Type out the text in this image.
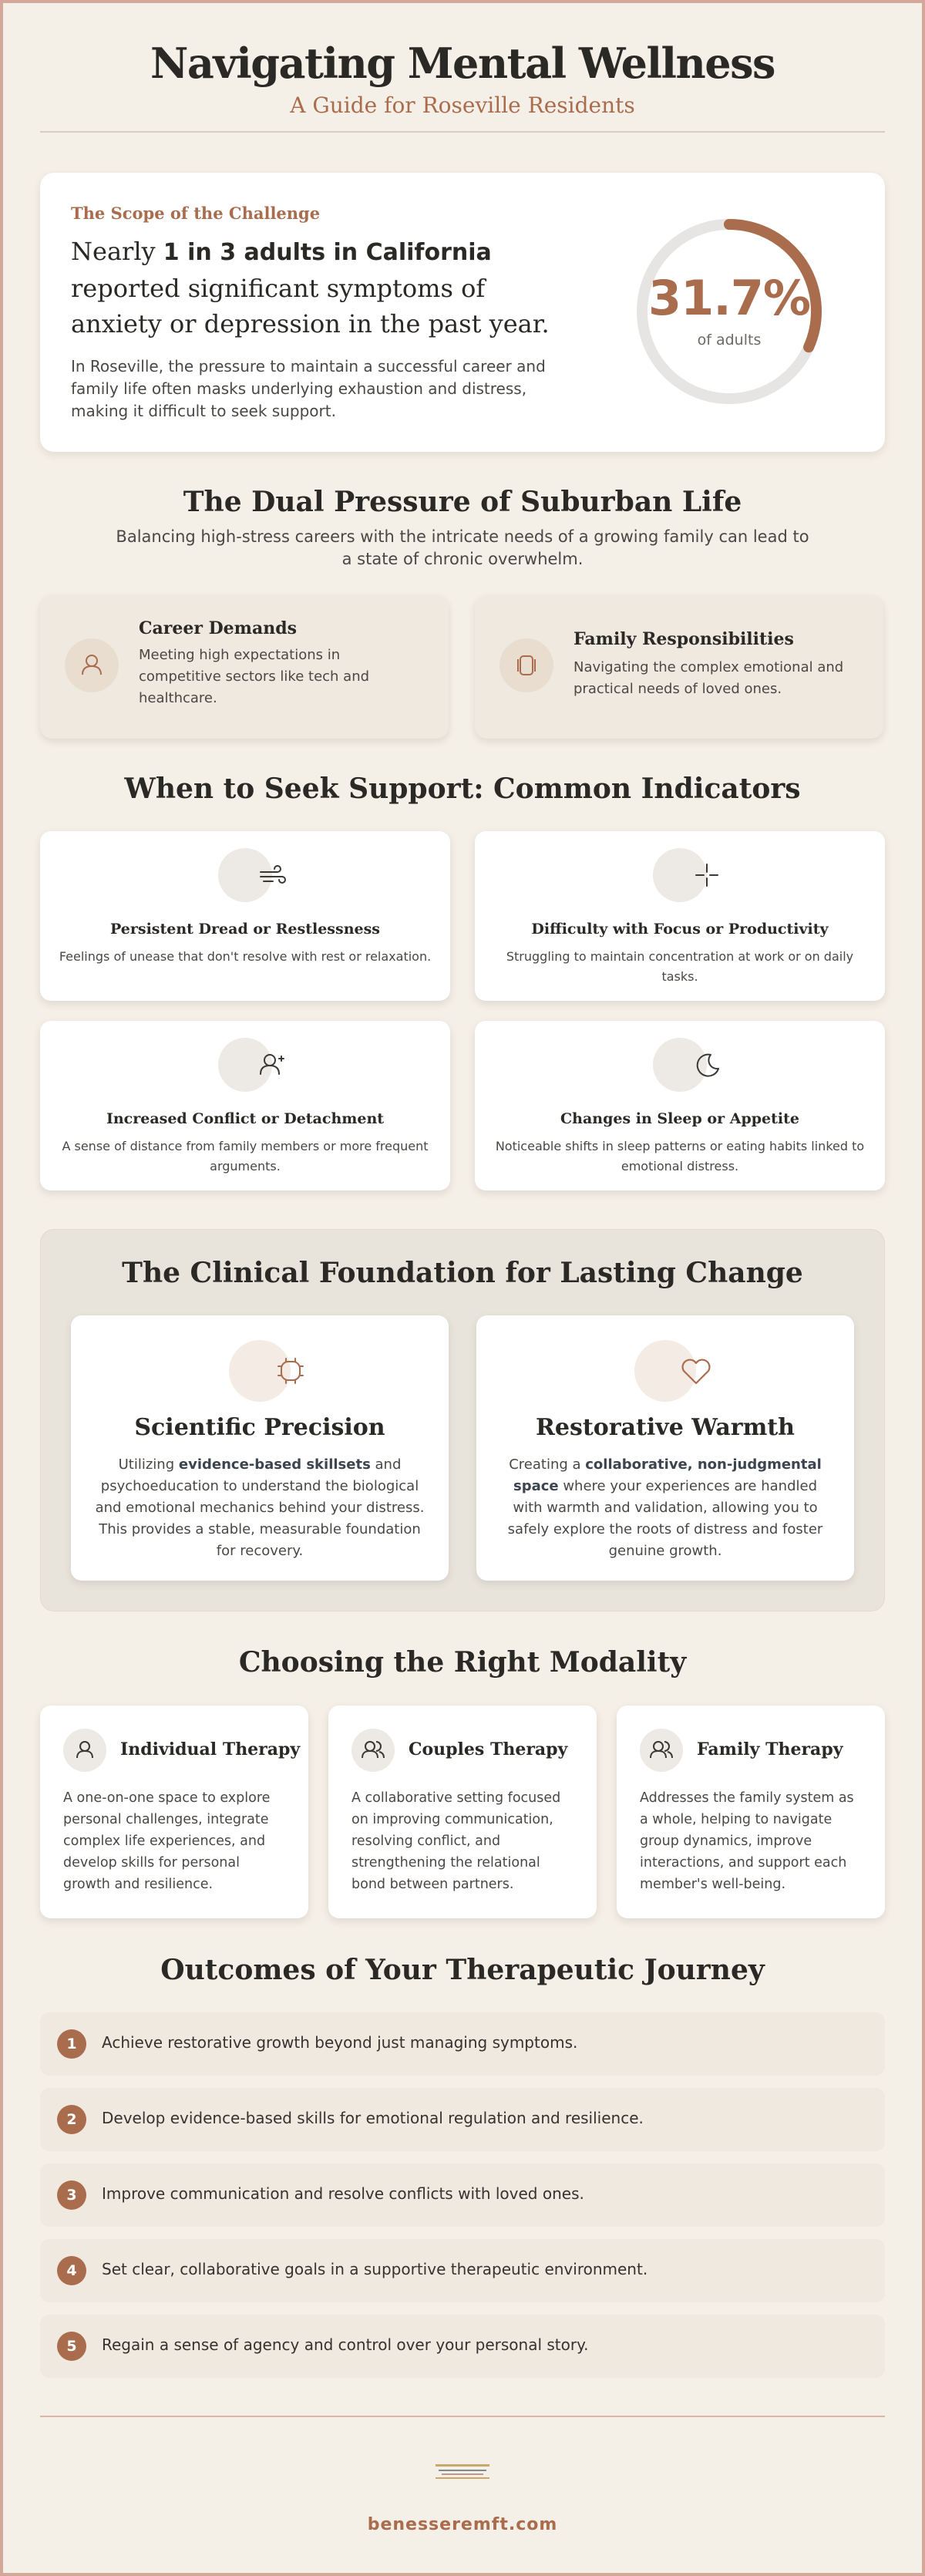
Navigating Mental Wellness
A Guide for Roseville Residents
The Scope of the Challenge
Nearly 1 in 3 adults in California reported significant symptoms of anxiety or depression in the past year.
In Roseville, the pressure to maintain a successful career and family life often masks underlying exhaustion and distress, making it difficult to seek support.
31.7%
of adults
The Dual Pressure of Suburban Life
Balancing high-stress careers with the intricate needs of a growing family can lead to a state of chronic overwhelm.
Career Demands
Meeting high expectations in competitive sectors like tech and healthcare.
Family Responsibilities
Navigating the complex emotional and practical needs of loved ones.
When to Seek Support: Common Indicators
Persistent Dread or Restlessness
Feelings of unease that don't resolve with rest or relaxation.
Difficulty with Focus or Productivity
Struggling to maintain concentration at work or on daily tasks.
Increased Conflict or Detachment
A sense of distance from family members or more frequent arguments.
Changes in Sleep or Appetite
Noticeable shifts in sleep patterns or eating habits linked to emotional distress.
The Clinical Foundation for Lasting Change
Scientific Precision
Utilizing evidence-based skillsets and psychoeducation to understand the biological and emotional mechanics behind your distress. This provides a stable, measurable foundation for recovery.
Restorative Warmth
Creating a collaborative, non-judgmental space where your experiences are handled with warmth and validation, allowing you to safely explore the roots of distress and foster genuine growth.
Choosing the Right Modality
Individual Therapy
A one-on-one space to explore personal challenges, integrate complex life experiences, and develop skills for personal growth and resilience.
Couples Therapy
A collaborative setting focused on improving communication, resolving conflict, and strengthening the relational bond between partners.
Family Therapy
Addresses the family system as a whole, helping to navigate group dynamics, improve interactions, and support each member's well-being.
Outcomes of Your Therapeutic Journey
1	Achieve restorative growth beyond just managing symptoms.
2	Develop evidence-based skills for emotional regulation and resilience.
3	Improve communication and resolve conflicts with loved ones.
4	Set clear, collaborative goals in a supportive therapeutic environment.
5	Regain a sense of agency and control over your personal story.
benesseremft.com
